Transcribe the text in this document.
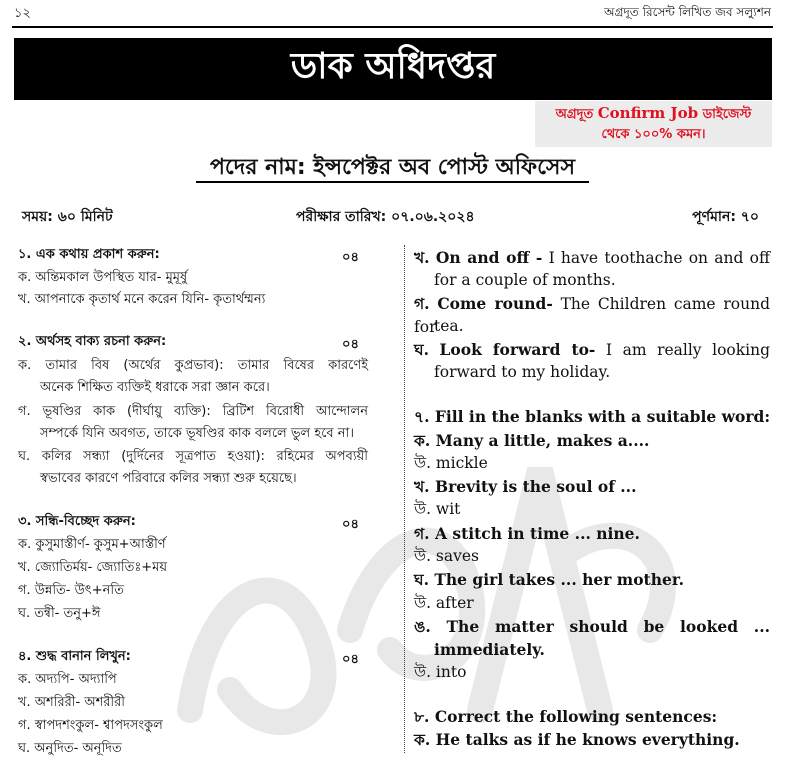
১২	অগ্রদূত রিসেন্ট লিখিত জব সল্যুশন
ডাক অধিদপ্তর
অগ্রদূত Confirm Job ডাইজেস্ট
থেকে ১০০% কমন।
পদের নাম: ইন্সপেক্টর অব পোস্ট অফিসেস
সময়: ৬০ মিনিট	পরীক্ষার তারিখ: ০৭.০৬.২০২৪	পূর্ণমান: ৭০
১. এক কথায় প্রকাশ করুন:	০৪
ক. অন্তিমকাল উপস্থিত যার- মুমূর্ষু
খ. আপনাকে কৃতার্থ মনে করেন যিনি- কৃতার্থম্মন্য
২. অর্থসহ বাক্য রচনা করুন:	০৪
ক. তামার বিষ (অর্থের কুপ্রভাব): তামার বিষের কারণেই
অনেক শিক্ষিত ব্যক্তিই ধরাকে সরা জ্ঞান করে।
গ. ভূষণ্ডির কাক (দীর্ঘায়ু ব্যক্তি): ব্রিটিশ বিরোধী আন্দোলন
সম্পর্কে যিনি অবগত, তাকে ভূষণ্ডির কাক বললে ভুল হবে না।
ঘ. কলির সন্ধ্যা (দুর্দিনের সূত্রপাত হওয়া): রহিমের অপব্যয়ী
স্বভাবের কারণে পরিবারে কলির সন্ধ্যা শুরু হয়েছে।
৩. সন্ধি-বিচ্ছেদ করুন:	০৪
ক. কুসুমাস্তীর্ণ- কুসুম+আস্তীর্ণ
খ. জ্যোতির্ময়- জ্যোতিঃ+ময়
গ. উন্নতি- উৎ+নতি
ঘ. তন্বী- তনু+ঈ
৪. শুদ্ধ বানান লিখুন:	০৪
ক. অদ্যপি- অদ্যাপি
খ. অশরিরী- অশরীরী
গ. স্বাপদশংকুল- শ্বাপদসংকুল
ঘ. অনুদিত- অনূদিত
খ. On and off - I have toothache on and off
for a couple of months.
গ. Come round- The Children came round for
tea.
ঘ. Look forward to- I am really looking
forward to my holiday.
৭. Fill in the blanks with a suitable word:
ক. Many a little, makes a....
উ. mickle
খ. Brevity is the soul of ...
উ. wit
গ. A stitch in time ... nine.
উ. saves
ঘ. The girl takes ... her mother.
উ. after
ঙ. The matter should be looked ...
immediately.
উ. into
৮. Correct the following sentences:
ক. He talks as if he knows everything.
